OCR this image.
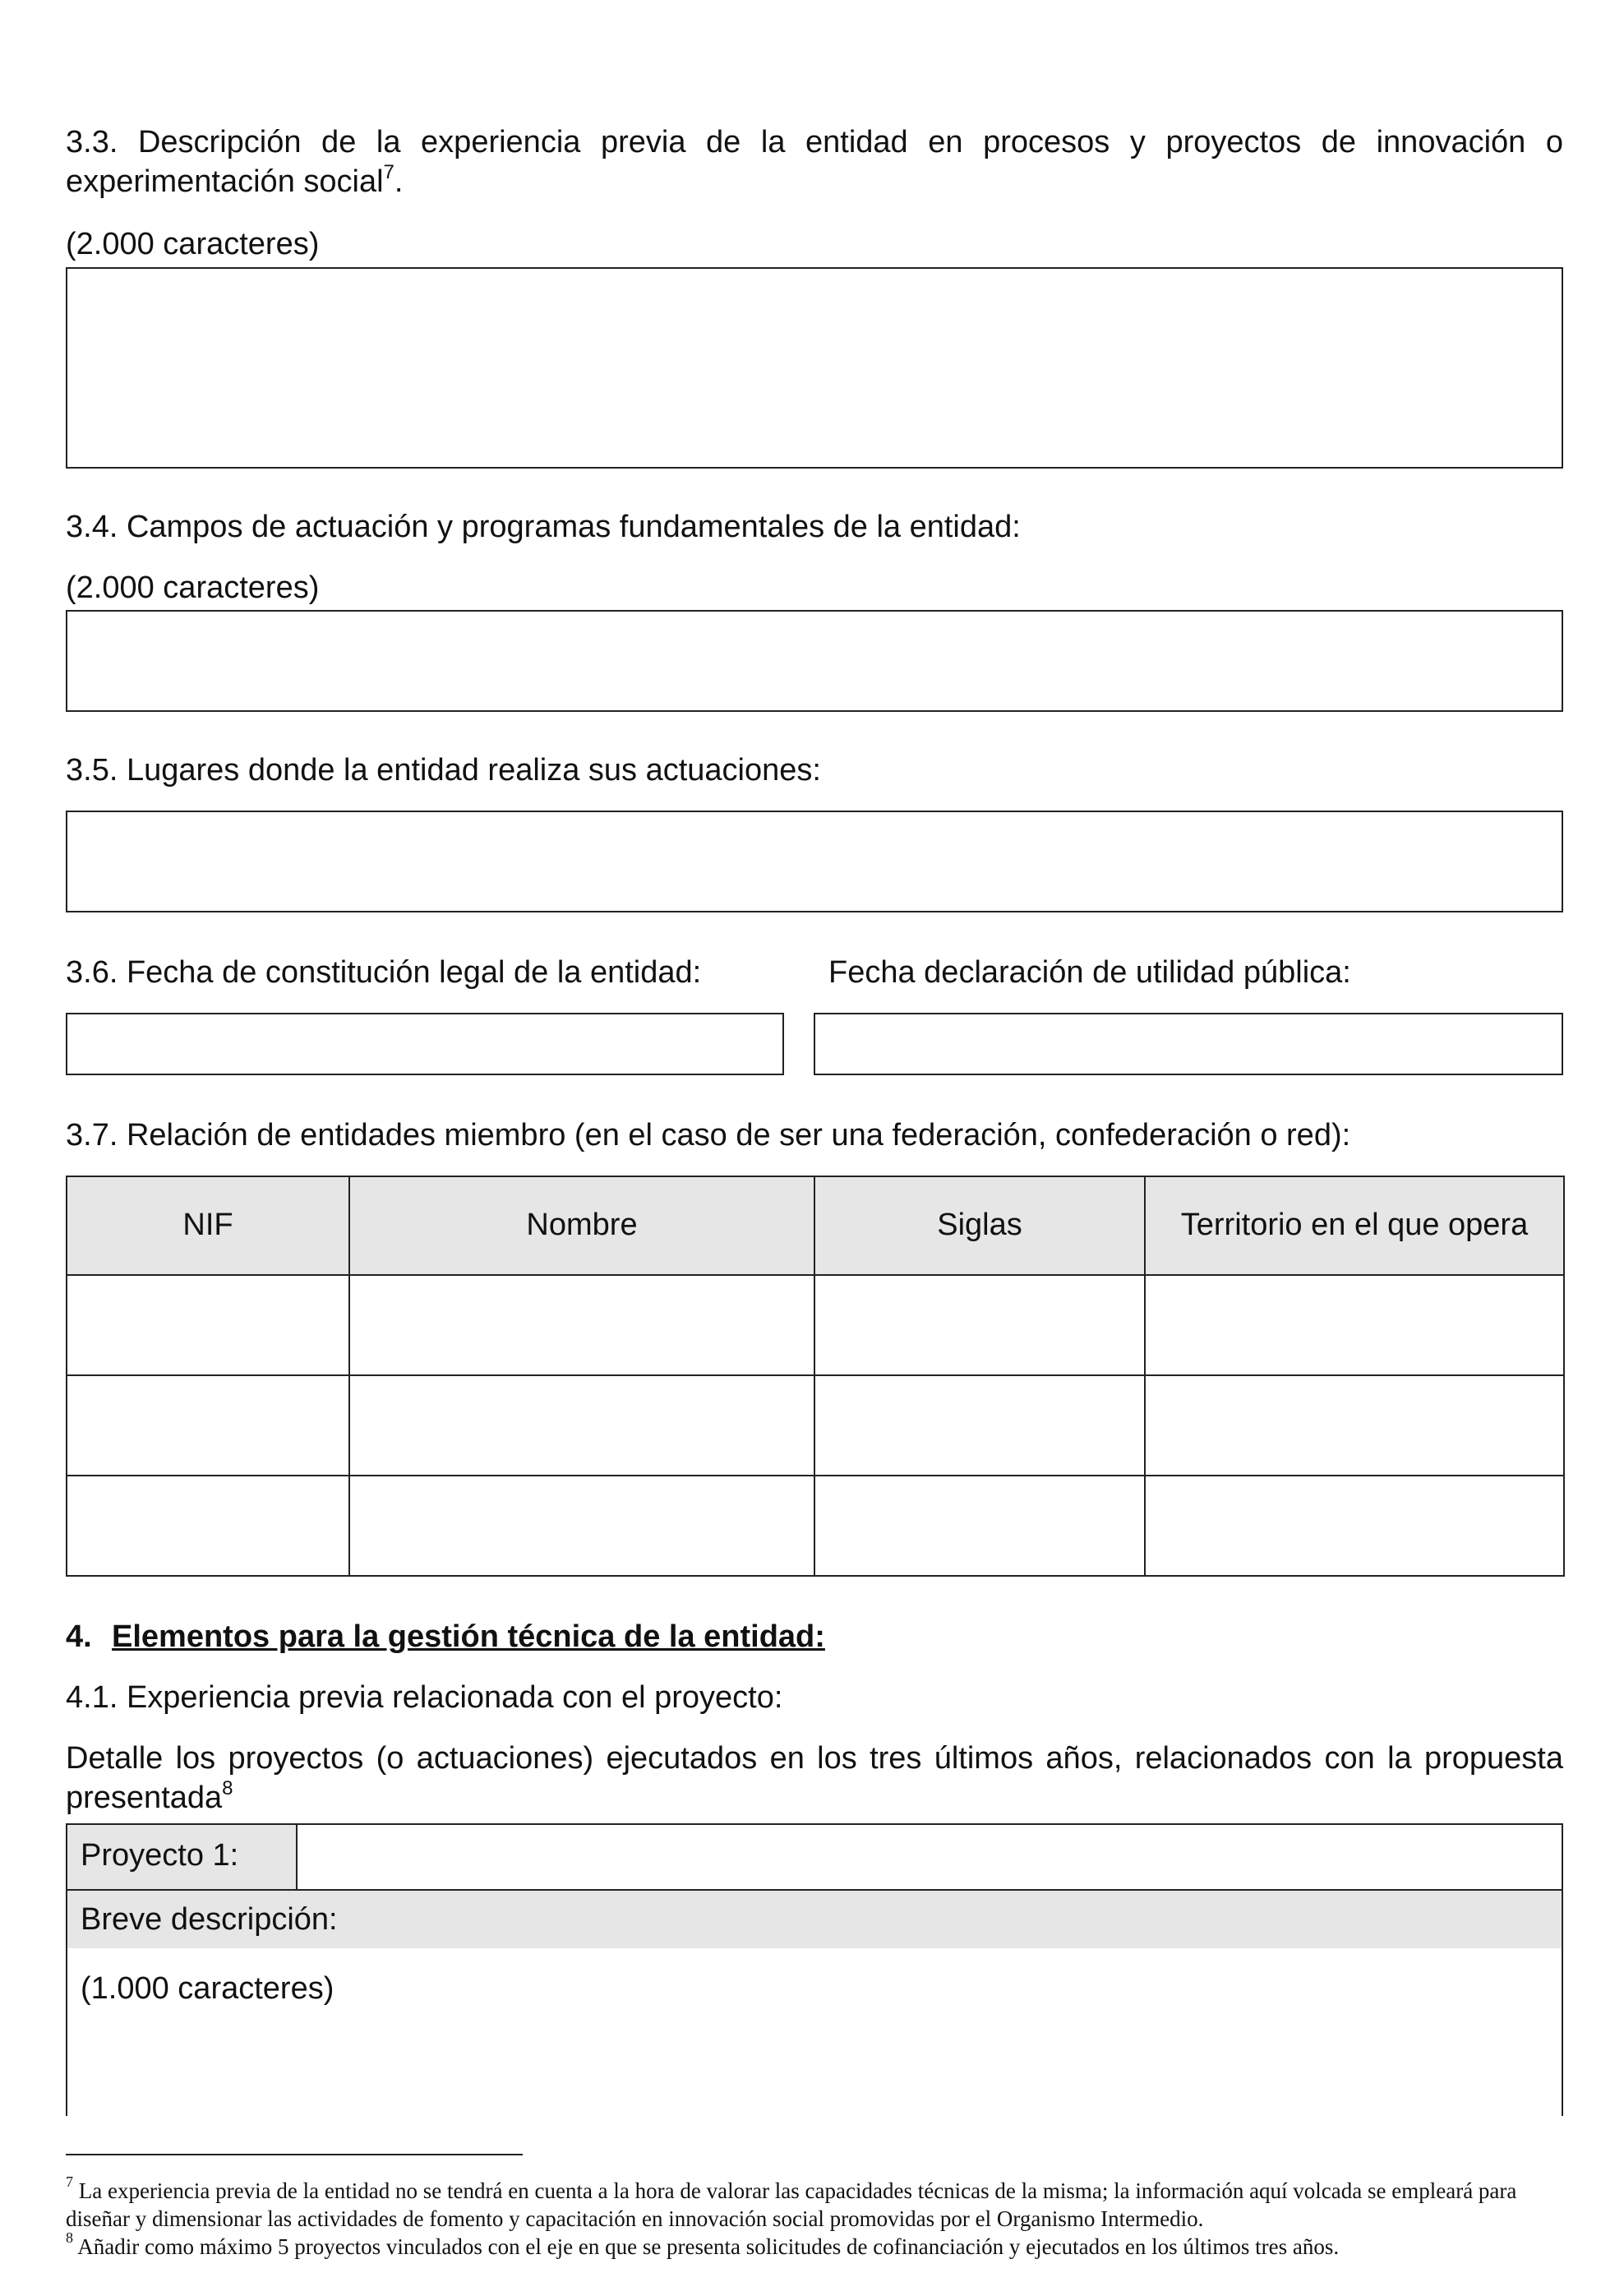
3.3. Descripción de la experiencia previa de la entidad en procesos y proyectos de innovación o experimentación social$^7$.
(2.000 caracteres)
3.4. Campos de actuación y programas fundamentales de la entidad:
(2.000 caracteres)
3.5. Lugares donde la entidad realiza sus actuaciones:
3.6. Fecha de constitución legal de la entidad:	Fecha declaración de utilidad pública:
3.7. Relación de entidades miembro (en el caso de ser una federación, confederación o red):
NIF	Nombre	Siglas	Territorio en el que opera

4. Elementos para la gestión técnica de la entidad:
4.1. Experiencia previa relacionada con el proyecto:
Detalle los proyectos (o actuaciones) ejecutados en los tres últimos años, relacionados con la propuesta presentada$^8$
Proyecto 1:
Breve descripción:
(1.000 caracteres)
$^7$ La experiencia previa de la entidad no se tendrá en cuenta a la hora de valorar las capacidades técnicas de la misma; la información aquí volcada se empleará para diseñar y dimensionar las actividades de fomento y capacitación en innovación social promovidas por el Organismo Intermedio.
$^8$ Añadir como máximo 5 proyectos vinculados con el eje en que se presenta solicitudes de cofinanciación y ejecutados en los últimos tres años.
